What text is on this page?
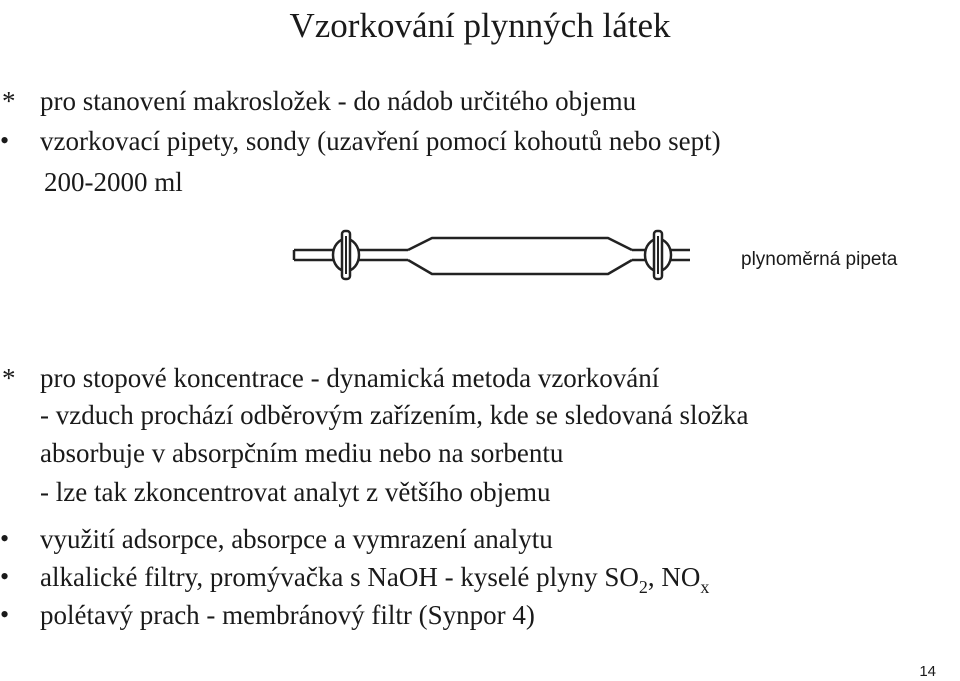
Vzorkování plynných látek
* pro stanovení makrosložek - do nádob určitého objemu
• vzorkovací pipety, sondy (uzavření pomocí kohoutů nebo sept)
200-2000 ml
plynoměrná pipeta
* pro stopové koncentrace - dynamická metoda vzorkování
- vzduch prochází odběrovým zařízením, kde se sledovaná složka
absorbuje v absorpčním mediu nebo na sorbentu
- lze tak zkoncentrovat analyt z většího objemu
• využití adsorpce, absorpce a vymrazení analytu
• alkalické filtry, promývačka s NaOH - kyselé plyny $SO_2$, $NO_x$
• polétavý prach - membránový filtr (Synpor 4)
14
